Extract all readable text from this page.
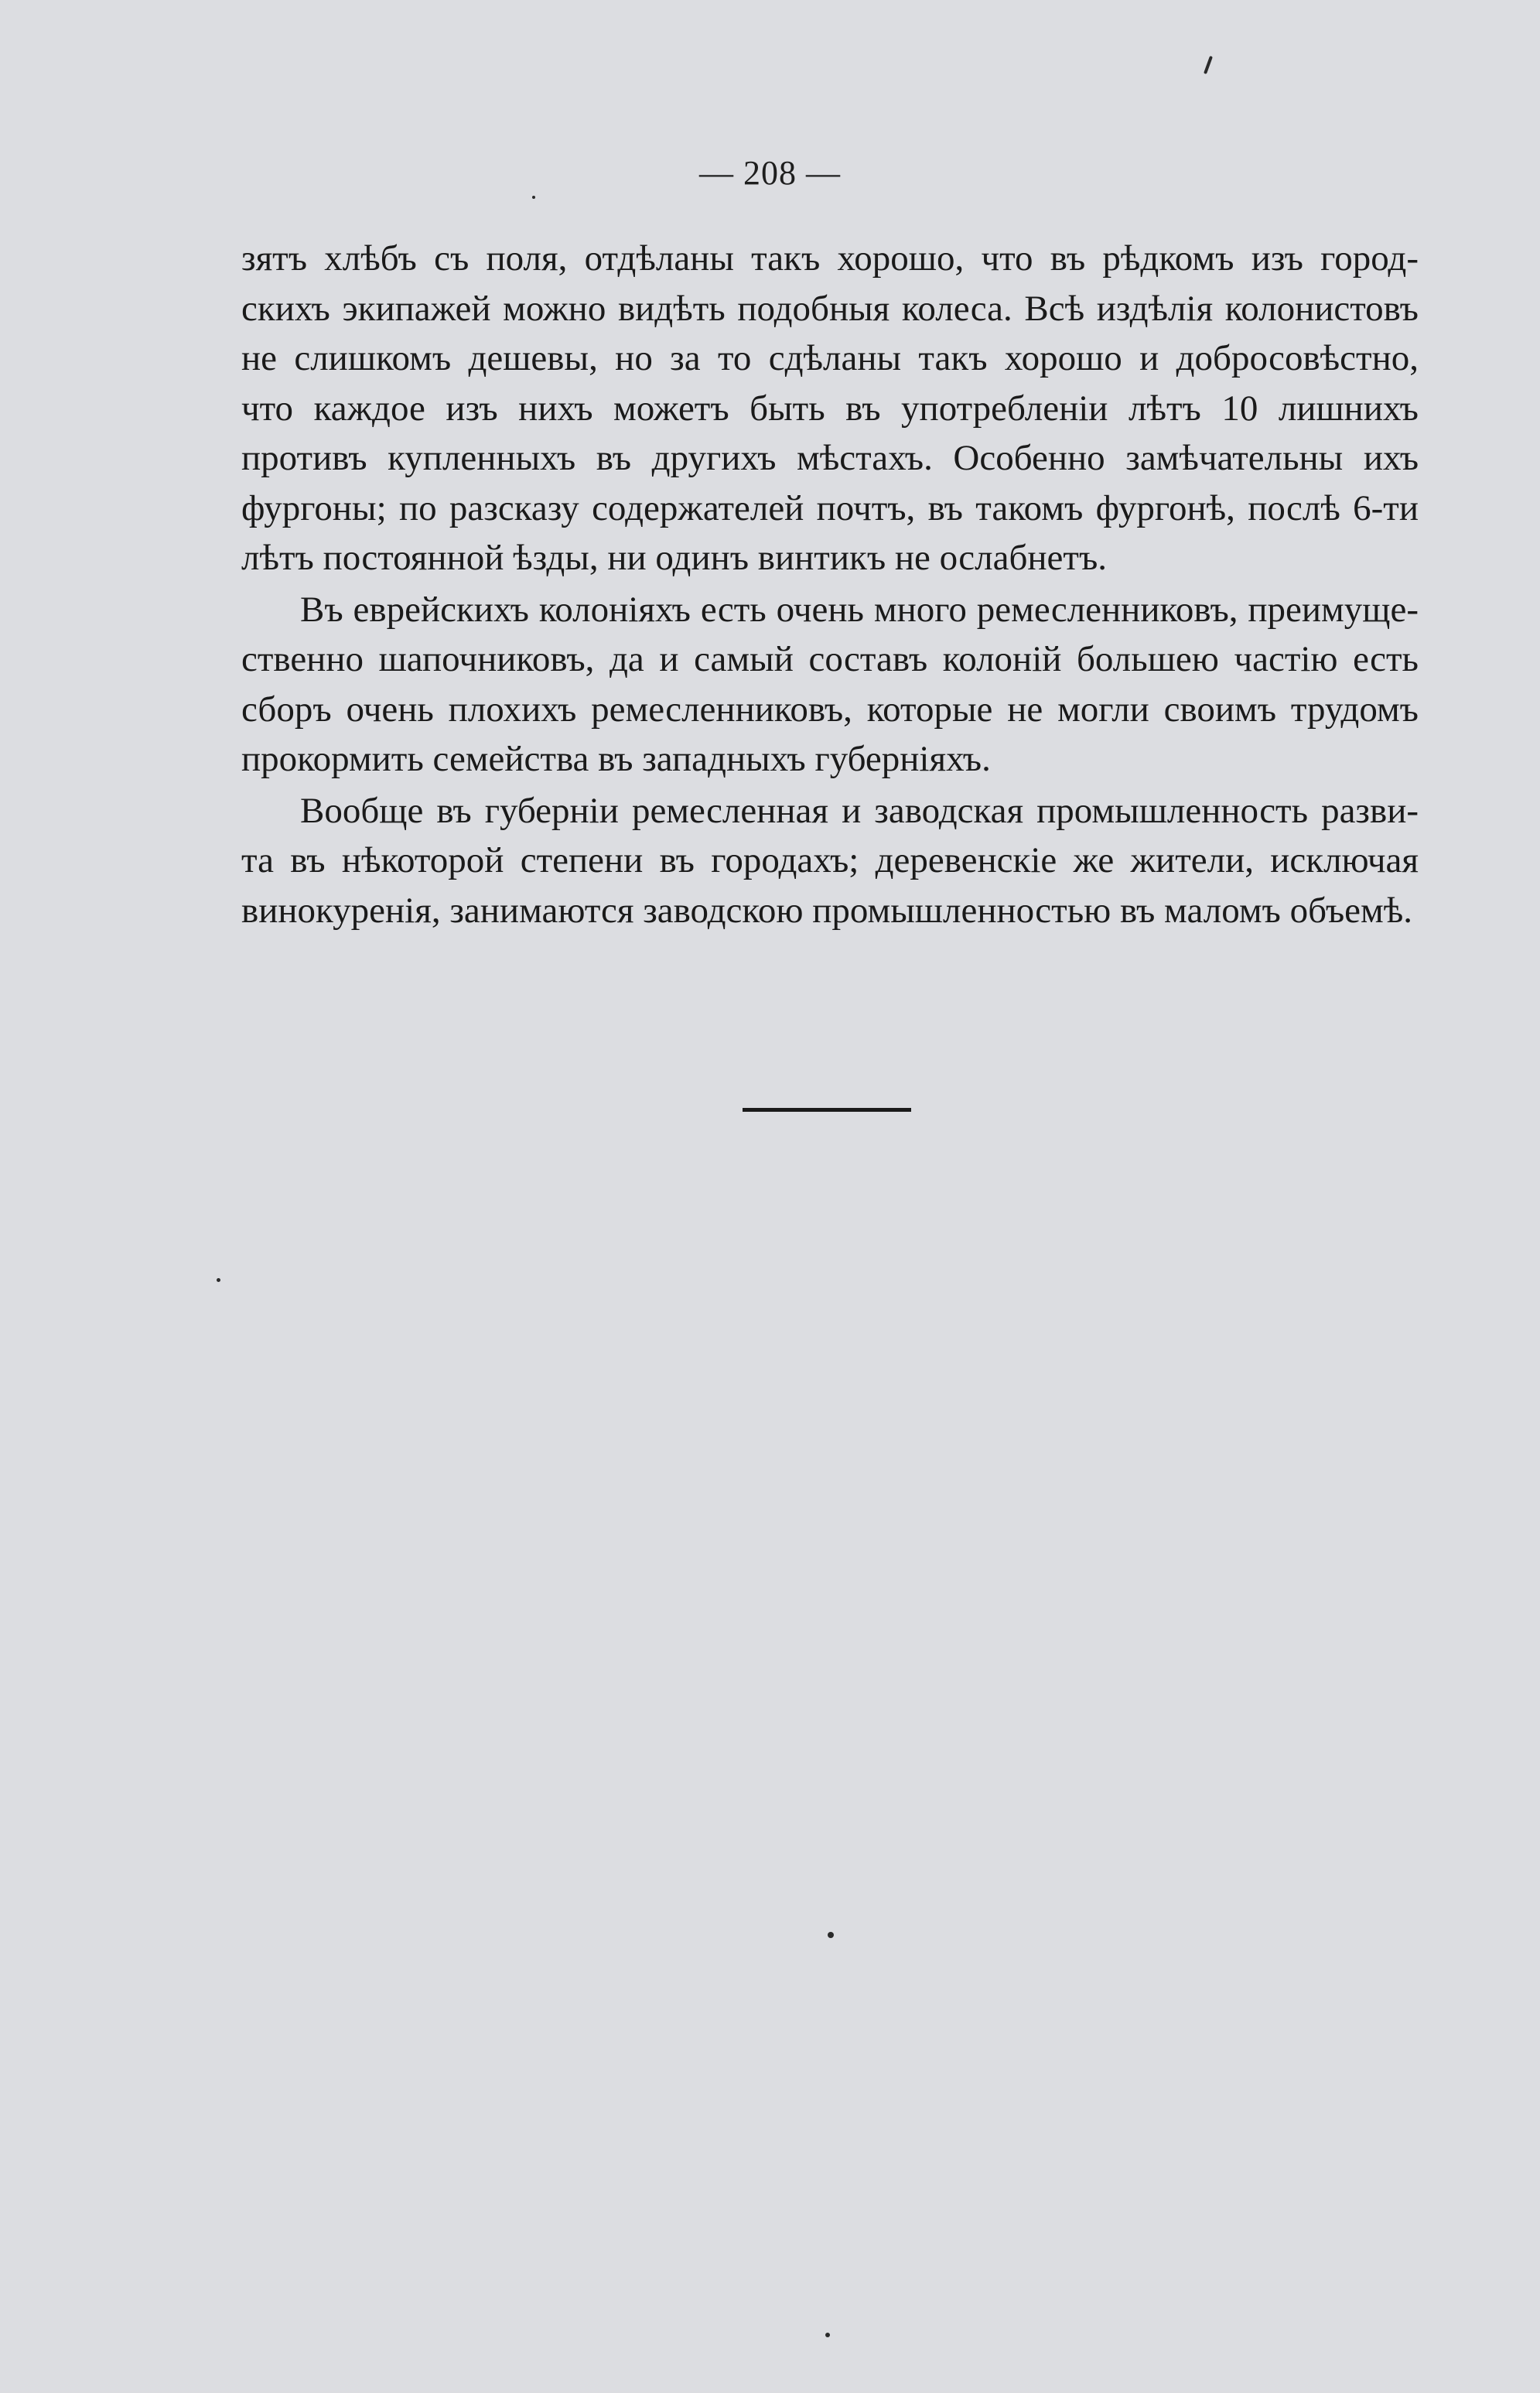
— 208 —
зятъ хлѣбъ съ поля, отдѣланы такъ хорошо, что въ рѣдкомъ изъ город-
скихъ экипажей можно видѣть подобныя колеса. Всѣ издѣлія колонистовъ
не слишкомъ дешевы, но за то сдѣланы такъ хорошо и добросовѣстно,
что каждое изъ нихъ можетъ быть въ употребленіи лѣтъ 10 лишнихъ
противъ купленныхъ въ другихъ мѣстахъ. Особенно замѣчательны ихъ
фургоны; по разсказу содержателей почтъ, въ такомъ фургонѣ, послѣ 6-ти
лѣтъ постоянной ѣзды, ни одинъ винтикъ не ослабнетъ.
Въ еврейскихъ колоніяхъ есть очень много ремесленниковъ, преимуще-
ственно шапочниковъ, да и самый составъ колоній большею частію есть
сборъ очень плохихъ ремесленниковъ, которые не могли своимъ трудомъ
прокормить семейства въ западныхъ губерніяхъ.
Вообще въ губерніи ремесленная и заводская промышленность разви-
та въ нѣкоторой степени въ городахъ; деревенскіе же жители, исключая
винокуренія, занимаются заводскою промышленностью въ маломъ объемѣ.
